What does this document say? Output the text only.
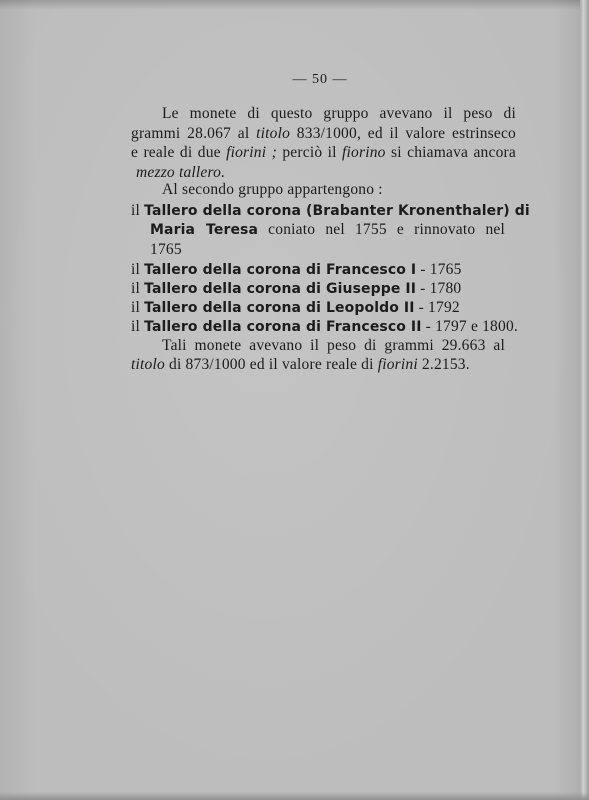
— 50 —
Le monete di questo gruppo avevano il peso di
grammi 28.067 al titolo 833/1000, ed il valore estrinseco
e reale di due fiorini ; perciò il fiorino si chiamava ancora
mezzo tallero.
Al secondo gruppo appartengono :
il Tallero della corona (Brabanter Kronenthaler) di
Maria Teresa coniato nel 1755 e rinnovato nel
1765
il Tallero della corona di Francesco I - 1765
il Tallero della corona di Giuseppe II - 1780
il Tallero della corona di Leopoldo II - 1792
il Tallero della corona di Francesco II - 1797 e 1800.
Tali monete avevano il peso di grammi 29.663 al
titolo di 873/1000 ed il valore reale di fiorini 2.2153.
